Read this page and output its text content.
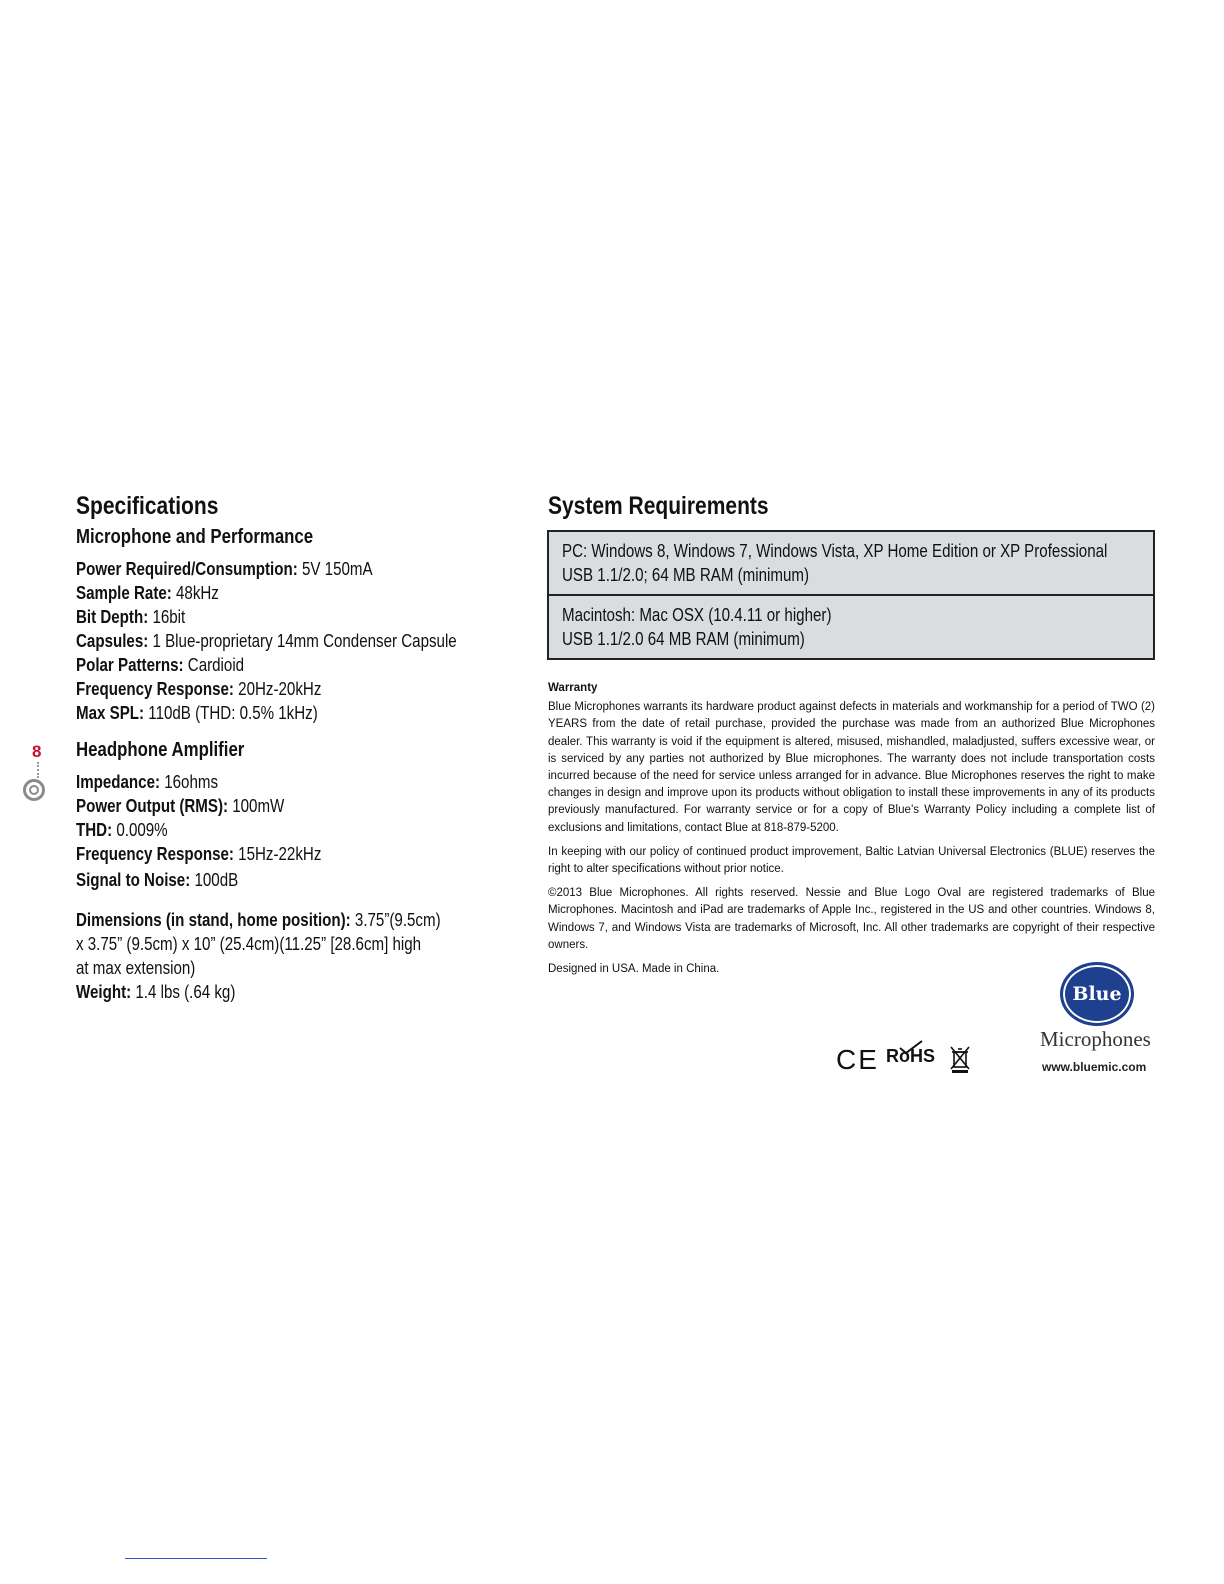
Specifications
Microphone and Performance
Power Required/Consumption: 5V 150mA
Sample Rate: 48kHz
Bit Depth: 16bit
Capsules: 1 Blue-proprietary 14mm Condenser Capsule
Polar Patterns: Cardioid
Frequency Response: 20Hz-20kHz
Max SPL: 110dB (THD: 0.5% 1kHz)
Headphone Amplifier
Impedance: 16ohms
Power Output (RMS): 100mW
THD: 0.009%
Frequency Response: 15Hz-22kHz
Signal to Noise: 100dB
Dimensions (in stand, home position): 3.75”(9.5cm)
x 3.75” (9.5cm) x 10” (25.4cm)(11.25” [28.6cm] high
at max extension)
Weight: 1.4 lbs (.64 kg)
8
System Requirements
PC: Windows 8, Windows 7, Windows Vista, XP Home Edition or XP Professional
USB 1.1/2.0; 64 MB RAM (minimum)
Macintosh: Mac OSX (10.4.11 or higher)
USB 1.1/2.0 64 MB RAM (minimum)

Warranty

Blue Microphones warrants its hardware product against defects in materials and workmanship for a period of TWO (2) YEARS from the date of retail purchase, provided the purchase was made from an authorized Blue Microphones dealer. This warranty is void if the equipment is altered, misused, mishandled, maladjusted, suffers excessive wear, or is serviced by any parties not authorized by Blue microphones. The warranty does not include transportation costs incurred because of the need for service unless arranged for in advance. Blue Microphones reserves the right to make changes in design and improve upon its products without obligation to install these improvements in any of its products previously manufactured. For warranty service or for a copy of Blue’s Warranty Policy including a complete list of exclusions and limitations, contact Blue at 818-879-5200.

In keeping with our policy of continued product improvement, Baltic Latvian Universal Electronics (BLUE) reserves the right to alter specifications without prior notice.

©2013 Blue Microphones. All rights reserved. Nessie and Blue Logo Oval are registered trademarks of Blue Microphones. Macintosh and iPad are trademarks of Apple Inc., registered in the US and other countries. Windows 8, Windows 7, and Windows Vista are trademarks of Microsoft, Inc. All other trademarks are copyright of their respective owners.

Designed in USA. Made in China.

CE RoHS
Blue
Microphones
www.bluemic.com
